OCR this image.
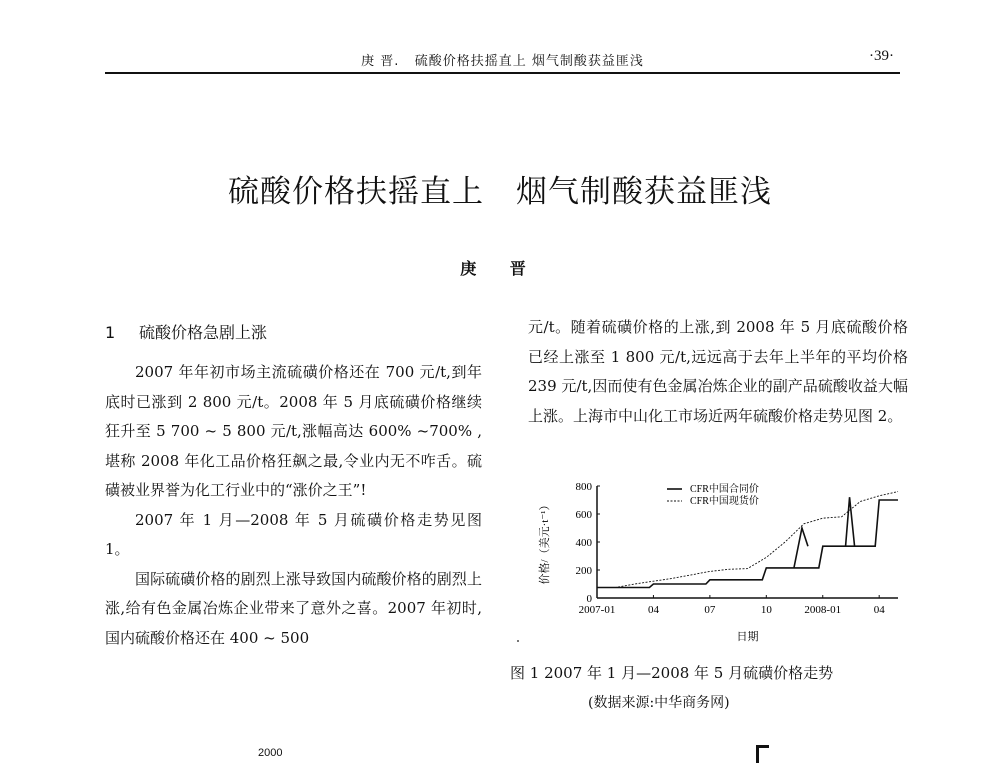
庚 晋. 硫酸价格扶摇直上 烟气制酸获益匪浅	·39·
硫酸价格扶摇直上　烟气制酸获益匪浅
庚 晋
1 硫酸价格急剧上涨

2007 年年初市场主流硫磺价格还在 700 元/t,到年底时已涨到 2 800 元/t。2008 年 5 月底硫磺价格继续狂升至 5 700 ~ 5 800 元/t,涨幅高达 600% ~700% ,堪称 2008 年化工品价格狂飙之最,令业内无不咋舌。硫磺被业界誉为化工行业中的“涨价之王”!

2007 年 1 月—2008 年 5 月硫磺价格走势见图 1。

国际硫磺价格的剧烈上涨导致国内硫酸价格的剧烈上涨,给有色金属冶炼企业带来了意外之喜。2007 年初时,国内硫酸价格还在 400 ~ 500

元/t。随着硫磺价格的上涨,到 2008 年 5 月底硫酸价格已经上涨至 1 800 元/t,远远高于去年上半年的平均价格 239 元/t,因而使有色金属冶炼企业的副产品硫酸收益大幅上涨。上海市中山化工市场近两年硫酸价格走势见图 2。

0
200
400
600
800
2007-01	04	07	10	2008-01	04
日期
价格/（美元·t⁻¹）
CFR中国合同价
CFR中国现货价
图 1 2007 年 1 月—2008 年 5 月硫磺价格走势
(数据来源:中华商务网)
2000
